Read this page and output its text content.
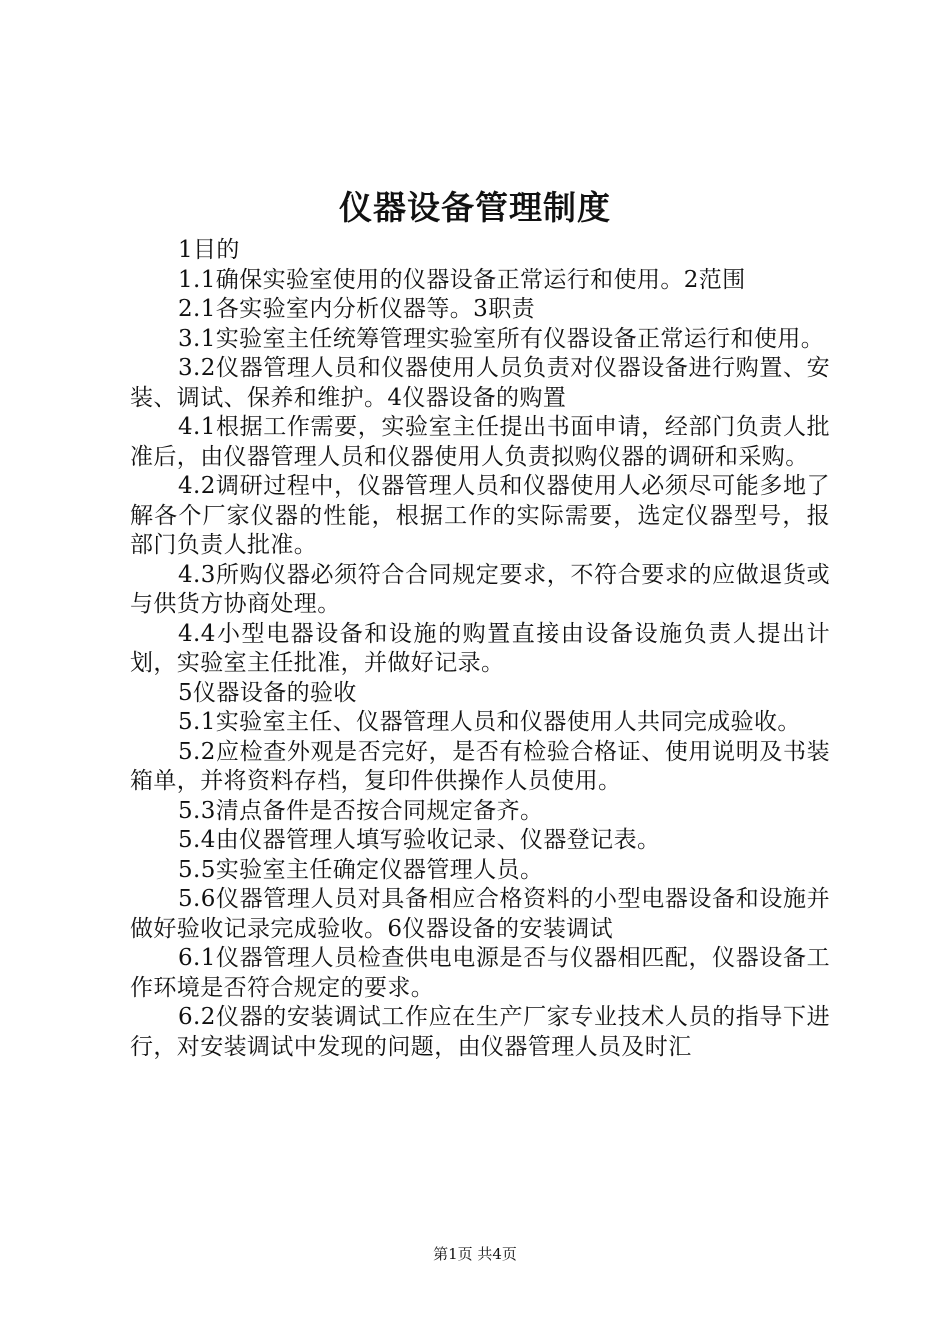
仪器设备管理制度

1目的

1.1确保实验室使用的仪器设备正常运行和使用。2范围

2.1各实验室内分析仪器等。3职责

3.1实验室主任统筹管理实验室所有仪器设备正常运行和使用。

3.2仪器管理人员和仪器使用人员负责对仪器设备进行购置、安装、调试、保养和维护。4仪器设备的购置

4.1根据工作需要，实验室主任提出书面申请，经部门负责人批准后，由仪器管理人员和仪器使用人负责拟购仪器的调研和采购。

4.2调研过程中，仪器管理人员和仪器使用人必须尽可能多地了解各个厂家仪器的性能，根据工作的实际需要，选定仪器型号，报部门负责人批准。

4.3所购仪器必须符合合同规定要求，不符合要求的应做退货或与供货方协商处理。

4.4小型电器设备和设施的购置直接由设备设施负责人提出计划，实验室主任批准，并做好记录。

5仪器设备的验收

5.1实验室主任、仪器管理人员和仪器使用人共同完成验收。

5.2应检查外观是否完好，是否有检验合格证、使用说明及书装箱单，并将资料存档，复印件供操作人员使用。

5.3清点备件是否按合同规定备齐。

5.4由仪器管理人填写验收记录、仪器登记表。

5.5实验室主任确定仪器管理人员。

5.6仪器管理人员对具备相应合格资料的小型电器设备和设施并做好验收记录完成验收。6仪器设备的安装调试

6.1仪器管理人员检查供电电源是否与仪器相匹配，仪器设备工作环境是否符合规定的要求。

6.2仪器的安装调试工作应在生产厂家专业技术人员的指导下进行，对安装调试中发现的问题，由仪器管理人员及时汇

第1页 共4页
